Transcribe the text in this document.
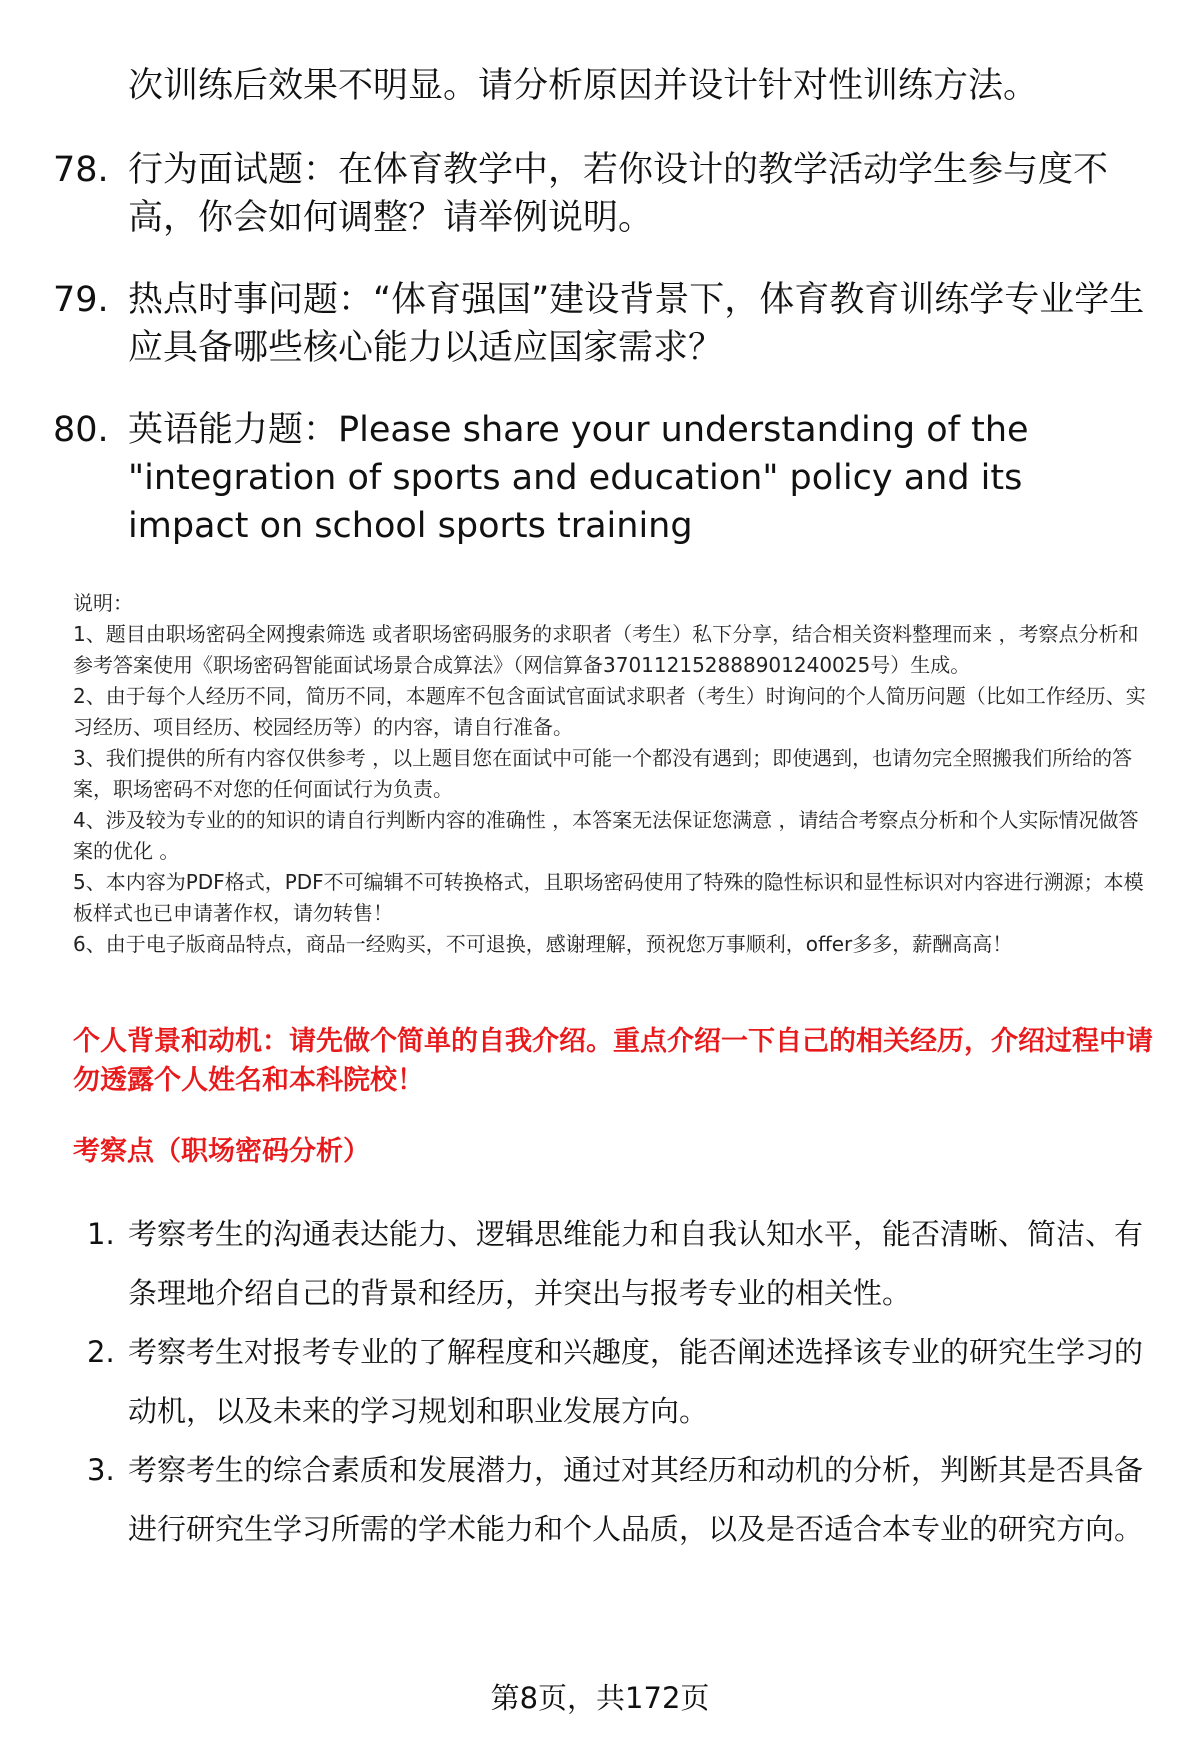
次训练后效果不明显。请分析原因并设计针对性训练方法。
78. 行为面试题：在体育教学中，若你设计的教学活动学生参与度不高，你会如何调整？请举例说明。
79. 热点时事问题：“体育强国”建设背景下，体育教育训练学专业学生应具备哪些核心能力以适应国家需求？
80. 英语能力题：Please share your understanding of the "integration of sports and education" policy and its impact on school sports training
说明：
1、题目由职场密码全网搜索筛选 或者职场密码服务的求职者（考生）私下分享，结合相关资料整理而来 ，考察点分析和参考答案使用《职场密码智能面试场景合成算法》（网信算备370112152888901240025号）生成。
2、由于每个人经历不同，简历不同，本题库不包含面试官面试求职者（考生）时询问的个人简历问题（比如工作经历、实习经历、项目经历、校园经历等）的内容，请自行准备。
3、我们提供的所有内容仅供参考 ，以上题目您在面试中可能一个都没有遇到；即使遇到，也请勿完全照搬我们所给的答案，职场密码不对您的任何面试行为负责。
4、涉及较为专业的的知识的请自行判断内容的准确性 ，本答案无法保证您满意 ，请结合考察点分析和个人实际情况做答案的优化 。
5、本内容为PDF格式，PDF不可编辑不可转换格式，且职场密码使用了特殊的隐性标识和显性标识对内容进行溯源；本模板样式也已申请著作权，请勿转售！
6、由于电子版商品特点，商品一经购买，不可退换，感谢理解，预祝您万事顺利，offer多多，薪酬高高！
个人背景和动机：请先做个简单的自我介绍。重点介绍一下自己的相关经历，介绍过程中请勿透露个人姓名和本科院校！
考察点（职场密码分析）
1. 考察考生的沟通表达能力、逻辑思维能力和自我认知水平，能否清晰、简洁、有条理地介绍自己的背景和经历，并突出与报考专业的相关性。
2. 考察考生对报考专业的了解程度和兴趣度，能否阐述选择该专业的研究生学习的动机，以及未来的学习规划和职业发展方向。
3. 考察考生的综合素质和发展潜力，通过对其经历和动机的分析，判断其是否具备进行研究生学习所需的学术能力和个人品质，以及是否适合本专业的研究方向。
第8页，共172页
